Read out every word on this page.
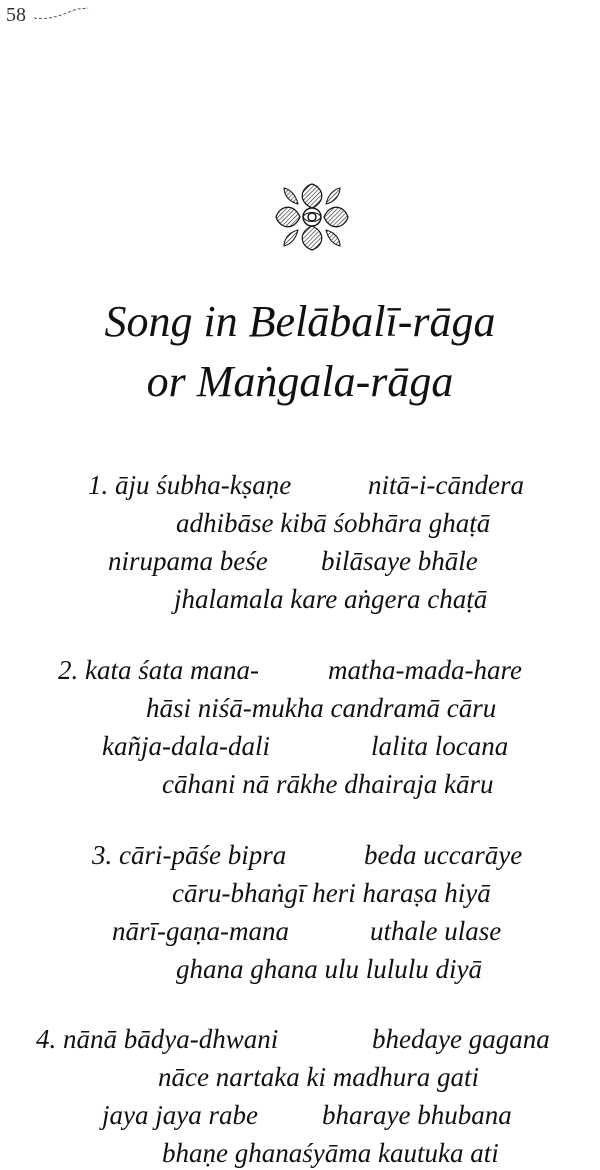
58
Song in Belābalī-rāga
or Maṅgala-rāga
1. āju śubha-kṣaṇe	nitā-i-cāndera
adhibāse kibā śobhāra ghaṭā
nirupama beśe bilāsaye bhāle
jhalamala kare aṅgera chaṭā
2. kata śata mana-	matha-mada-hare
hāsi niśā-mukha candramā cāru
kañja-dala-dali	lalita locana
cāhani nā rākhe dhairaja kāru
3. cāri-pāśe bipra	beda uccarāye
cāru-bhaṅgī heri haraṣa hiyā
nārī-gaṇa-mana	uthale ulase
ghana ghana ulu lululu diyā
4. nānā bādya-dhwani	bhedaye gagana
nāce nartaka ki madhura gati
jaya jaya rabe bharaye bhubana
bhaṇe ghanaśyāma kautuka ati
